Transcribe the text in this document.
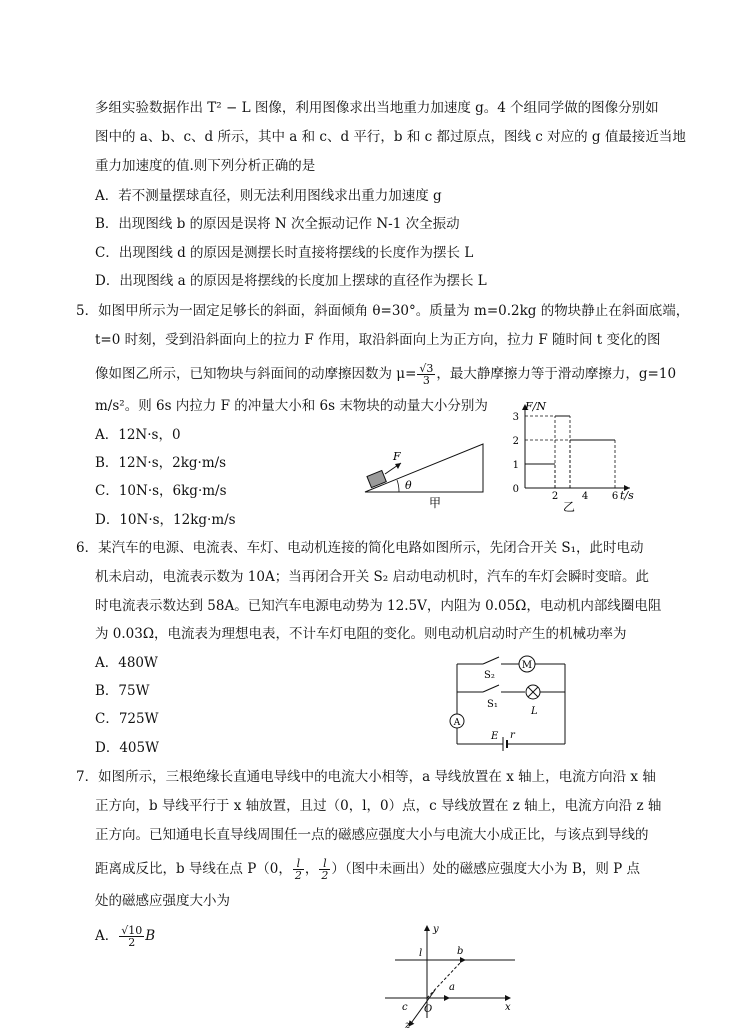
多组实验数据作出 T² − L 图像，利用图像求出当地重力加速度 g。4 个组同学做的图像分别如
图中的 a、b、c、d 所示，其中 a 和 c、d 平行，b 和 c 都过原点，图线 c 对应的 g 值最接近当地
重力加速度的值.则下列分析正确的是
A．若不测量摆球直径，则无法利用图线求出重力加速度 g
B．出现图线 b 的原因是误将 N 次全振动记作 N-1 次全振动
C．出现图线 d 的原因是测摆长时直接将摆线的长度作为摆长 L
D．出现图线 a 的原因是将摆线的长度加上摆球的直径作为摆长 L
5．如图甲所示为一固定足够长的斜面，斜面倾角 θ=30°。质量为 m=0.2kg 的物块静止在斜面底端，
t=0 时刻，受到沿斜面向上的拉力 F 作用，取沿斜面向上为正方向，拉力 F 随时间 t 变化的图
像如图乙所示，已知物块与斜面间的动摩擦因数为 $\mu= \frac{√3}{3}$ ，最大静摩擦力等于滑动摩擦力，g=10
m/s²。则 6s 内拉力 F 的冲量大小和 6s 末物块的动量大小分别为
A．12N·s，0
B．12N·s，2kg·m/s
C．10N·s，6kg·m/s
D．10N·s，12kg·m/s
F
θ
甲
0
1
2
3
2 4 6
F/N
t/s
乙
6．某汽车的电源、电流表、车灯、电动机连接的简化电路如图所示，先闭合开关 S₁，此时电动
机未启动，电流表示数为 10A；当再闭合开关 S₂ 启动电动机时，汽车的车灯会瞬时变暗。此
时电流表示数达到 58A。已知汽车电源电动势为 12.5V，内阻为 0.05Ω，电动机内部线圈电阻
为 0.03Ω，电流表为理想电表，不计车灯电阻的变化。则电动机启动时产生的机械功率为
A．480W
B．75W
C．725W
D．405W
M
S₂
S₁
L
A
E r
7．如图所示，三根绝缘长直通电导线中的电流大小相等，a 导线放置在 x 轴上，电流方向沿 x 轴
正方向，b 导线平行于 x 轴放置，且过（0，l，0）点，c 导线放置在 z 轴上，电流方向沿 z 轴
正方向。已知通电长直导线周围任一点的磁感应强度大小与电流大小成正比，与该点到导线的
距离成反比，b 导线在点 P（0， $\frac{l}{2}$ ， $\frac{l}{2}$ ）（图中未画出）处的磁感应强度大小为 B，则 P 点
处的磁感应强度大小为
A． $\frac{√10}{2}$ B	y
x
z
b
l
a
c O
